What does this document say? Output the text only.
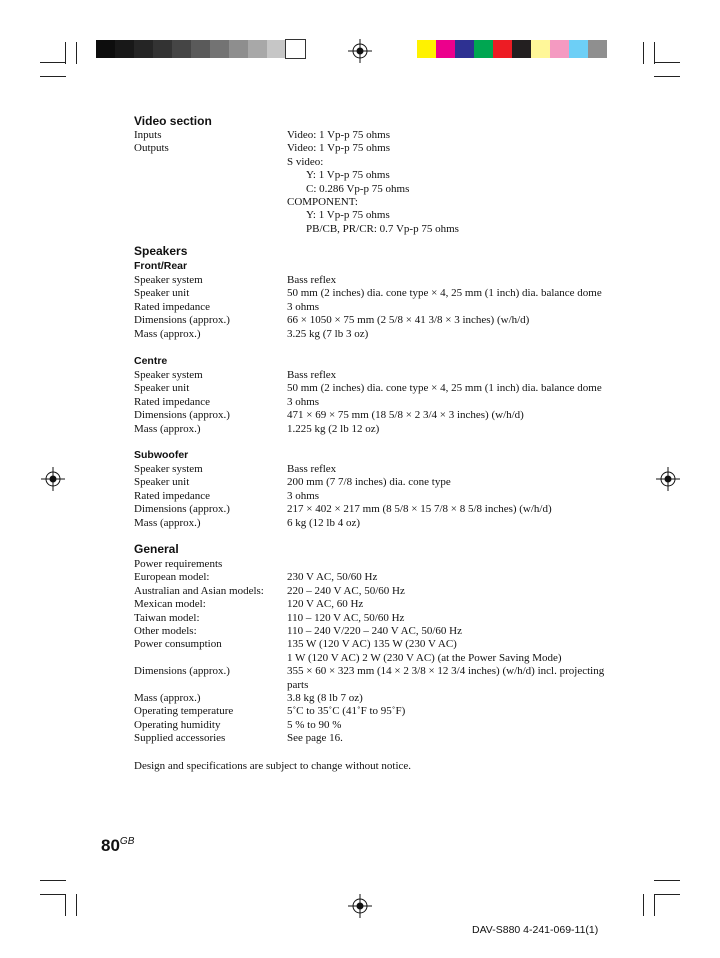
Video section
Inputs	Video: 1 Vp-p 75 ohms
Outputs	Video: 1 Vp-p 75 ohms
S video:
Y: 1 Vp-p 75 ohms
C: 0.286 Vp-p 75 ohms
COMPONENT:
Y: 1 Vp-p 75 ohms
PB/CB, PR/CR: 0.7 Vp-p 75 ohms
Speakers
Front/Rear
Speaker system	Bass reflex
Speaker unit	50 mm (2 inches) dia. cone type × 4, 25 mm (1 inch) dia. balance dome
Rated impedance	3 ohms
Dimensions (approx.)	66 × 1050 × 75 mm (2 5/8 × 41 3/8 × 3 inches) (w/h/d)
Mass (approx.)	3.25 kg (7 lb 3 oz)
Centre
Speaker system	Bass reflex
Speaker unit	50 mm (2 inches) dia. cone type × 4, 25 mm (1 inch) dia. balance dome
Rated impedance	3 ohms
Dimensions (approx.)	471 × 69 × 75 mm (18 5/8 × 2 3/4 × 3 inches) (w/h/d)
Mass (approx.)	1.225 kg (2 lb 12 oz)
Subwoofer
Speaker system	Bass reflex
Speaker unit	200 mm (7 7/8 inches) dia. cone type
Rated impedance	3 ohms
Dimensions (approx.)	217 × 402 × 217 mm (8 5/8 × 15 7/8 × 8 5/8 inches) (w/h/d)
Mass (approx.)	6 kg (12 lb 4 oz)
General
Power requirements
European model:	230 V AC, 50/60 Hz
Australian and Asian models: 220 – 240 V AC, 50/60 Hz
Mexican model:	120 V AC, 60 Hz
Taiwan model:	110 – 120 V AC, 50/60 Hz
Other models:	110 – 240 V/220 – 240 V AC, 50/60 Hz
Power consumption	135 W (120 V AC) 135 W (230 V AC)
1 W (120 V AC) 2 W (230 V AC) (at the Power Saving Mode)
Dimensions (approx.)	355 × 60 × 323 mm (14 × 2 3/8 × 12 3/4 inches) (w/h/d) incl. projecting
parts
Mass (approx.)	3.8 kg (8 lb 7 oz)
Operating temperature	5˚C to 35˚C (41˚F to 95˚F)
Operating humidity	5 % to 90 %
Supplied accessories	See page 16.
Design and specifications are subject to change without notice.
$80^{GB}$
DAV-S880 4-241-069-11(1)
